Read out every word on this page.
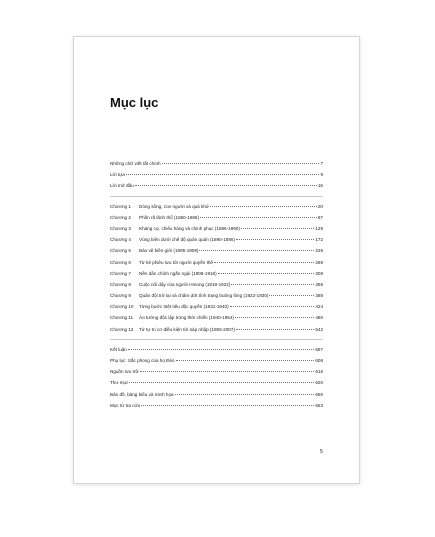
Mục lục
Những chữ viết tắt chính	7
Lời tựa	9
Lời mở đầu	16
Chương 1	Dòng sông, con người và quá khứ	20
Chương 2	Phồn rã lãnh thổ (1860-1886)	87
Chương 3	Kháng cự, chiêu hàng và chinh phục (1886-1890)	129
Chương 4	Vùng biên dưới chế độ quân quản (1890-1895)	172
Chương 5	Bảo vệ biên giới (1895-1909)	225
Chương 6	Từ kẻ phiêu lưu tới người quyền thế	269
Chương 7	Nền dân chính ngắn ngủi (1909-1918)	308
Chương 8	Cuộc nổi dậy của người Hmong (1918-1922)	358
Chương 9	Quân đội trở lại và chấm dứt tình trạng buông lỏng (1922-1930)	388
Chương 10	Từng bước triệt tiêu độc quyền (1931-1940)	424
Chương 11	Ảo tưởng độc lập trong thời chiến (1940-1954)	480
Chương 12	Từ tự trị cơ điều kiện tới sáp nhập (1955-2007)	542
Kết luận	597
Phụ lục: Sắc phong của họ Đèo	606
Nguồn lưu trữ	616
Thư mục	620
Bản đồ, bảng biểu và minh họa	650
Mục từ tra cứu	653
5
